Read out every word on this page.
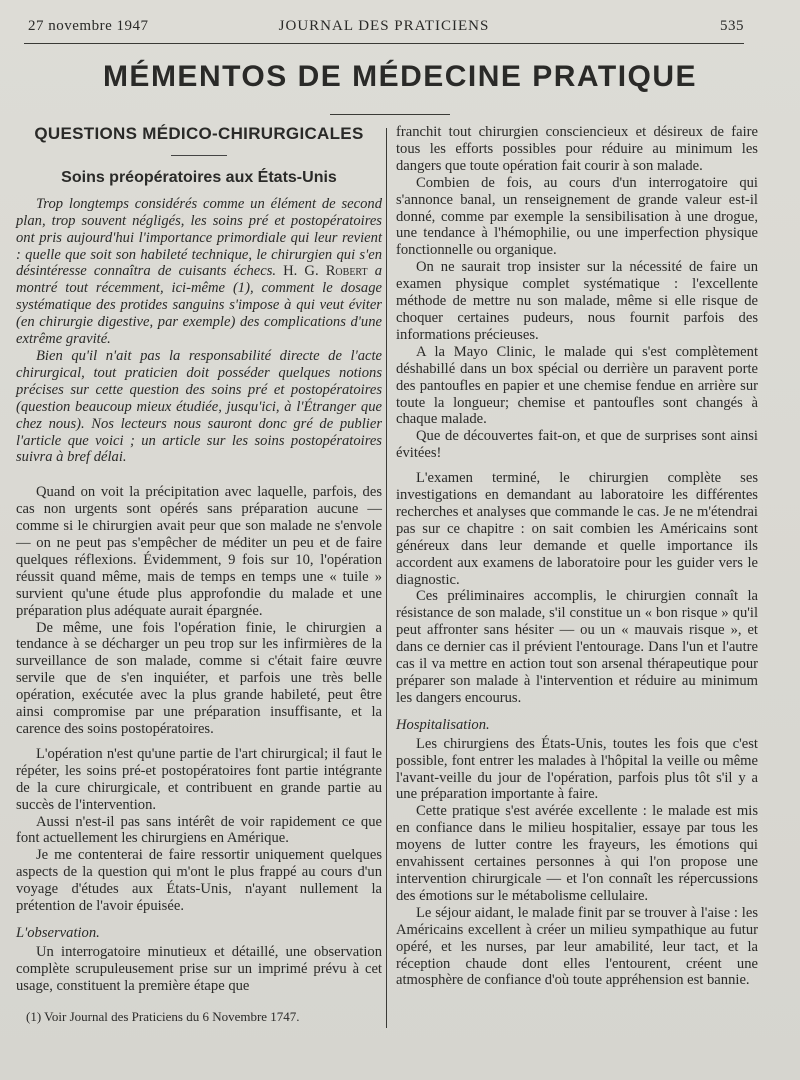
27 novembre 1947	JOURNAL DES PRATICIENS	535
MÉMENTOS DE MÉDECINE PRATIQUE
QUESTIONS MÉDICO-CHIRURGICALES
Soins préopératoires aux États-Unis

Trop longtemps considérés comme un élément de second plan, trop souvent négligés, les soins pré et postopératoires ont pris aujourd'hui l'importance primordiale qui leur revient : quelle que soit son habileté technique, le chirurgien qui s'en désintéresse connaîtra de cuisants échecs. H. G. Robert a montré tout récemment, ici-même (1), comment le dosage systématique des protides sanguins s'impose à qui veut éviter (en chirurgie digestive, par exemple) des complications d'une extrême gravité.

Bien qu'il n'ait pas la responsabilité directe de l'acte chirurgical, tout praticien doit posséder quelques notions précises sur cette question des soins pré et postopératoires (question beaucoup mieux étudiée, jusqu'ici, à l'Étranger que chez nous). Nos lecteurs nous sauront donc gré de publier l'article que voici ; un article sur les soins postopératoires suivra à bref délai.

Quand on voit la précipitation avec laquelle, parfois, des cas non urgents sont opérés sans préparation aucune — comme si le chirurgien avait peur que son malade ne s'envole — on ne peut pas s'empêcher de méditer un peu et de faire quelques réflexions. Évidemment, 9 fois sur 10, l'opération réussit quand même, mais de temps en temps une « tuile » survient qu'une étude plus approfondie du malade et une préparation plus adéquate aurait épargnée.

De même, une fois l'opération finie, le chirurgien a tendance à se décharger un peu trop sur les infirmières de la surveillance de son malade, comme si c'était faire œuvre servile que de s'en inquiéter, et parfois une très belle opération, exécutée avec la plus grande habileté, peut être ainsi compromise par une préparation insuffisante, et la carence des soins postopératoires.

L'opération n'est qu'une partie de l'art chirurgical; il faut le répéter, les soins pré-et postopératoires font partie intégrante de la cure chirurgicale, et contribuent en grande partie au succès de l'intervention.

Aussi n'est-il pas sans intérêt de voir rapidement ce que font actuellement les chirurgiens en Amérique.

Je me contenterai de faire ressortir uniquement quelques aspects de la question qui m'ont le plus frappé au cours d'un voyage d'études aux États-Unis, n'ayant nullement la prétention de l'avoir épuisée.

L'observation.

Un interrogatoire minutieux et détaillé, une observation complète scrupuleusement prise sur un imprimé prévu à cet usage, constituent la première étape que

(1) Voir Journal des Praticiens du 6 Novembre 1747.

franchit tout chirurgien consciencieux et désireux de faire tous les efforts possibles pour réduire au minimum les dangers que toute opération fait courir à son malade.

Combien de fois, au cours d'un interrogatoire qui s'annonce banal, un renseignement de grande valeur est-il donné, comme par exemple la sensibilisation à une drogue, une tendance à l'hémophilie, ou une imperfection physique fonctionnelle ou organique.

On ne saurait trop insister sur la nécessité de faire un examen physique complet systématique : l'excellente méthode de mettre nu son malade, même si elle risque de choquer certaines pudeurs, nous fournit parfois des informations précieuses.

A la Mayo Clinic, le malade qui s'est complètement déshabillé dans un box spécial ou derrière un paravent porte des pantoufles en papier et une chemise fendue en arrière sur toute la longueur; chemise et pantoufles sont changés à chaque malade.

Que de découvertes fait-on, et que de surprises sont ainsi évitées!

L'examen terminé, le chirurgien complète ses investigations en demandant au laboratoire les différentes recherches et analyses que commande le cas. Je ne m'étendrai pas sur ce chapitre : on sait combien les Américains sont généreux dans leur demande et quelle importance ils accordent aux examens de laboratoire pour les guider vers le diagnostic.

Ces préliminaires accomplis, le chirurgien connaît la résistance de son malade, s'il constitue un « bon risque » qu'il peut affronter sans hésiter — ou un « mauvais risque », et dans ce dernier cas il prévient l'entourage. Dans l'un et l'autre cas il va mettre en action tout son arsenal thérapeutique pour préparer son malade à l'intervention et réduire au minimum les dangers encourus.

Hospitalisation.

Les chirurgiens des États-Unis, toutes les fois que c'est possible, font entrer les malades à l'hôpital la veille ou même l'avant-veille du jour de l'opération, parfois plus tôt s'il y a une préparation importante à faire.

Cette pratique s'est avérée excellente : le malade est mis en confiance dans le milieu hospitalier, essaye par tous les moyens de lutter contre les frayeurs, les émotions qui envahissent certaines personnes à qui l'on propose une intervention chirurgicale — et l'on connaît les répercussions des émotions sur le métabolisme cellulaire.

Le séjour aidant, le malade finit par se trouver à l'aise : les Américains excellent à créer un milieu sympathique au futur opéré, et les nurses, par leur amabilité, leur tact, et la réception chaude dont elles l'entourent, créent une atmosphère de confiance d'où toute appréhension est bannie.
